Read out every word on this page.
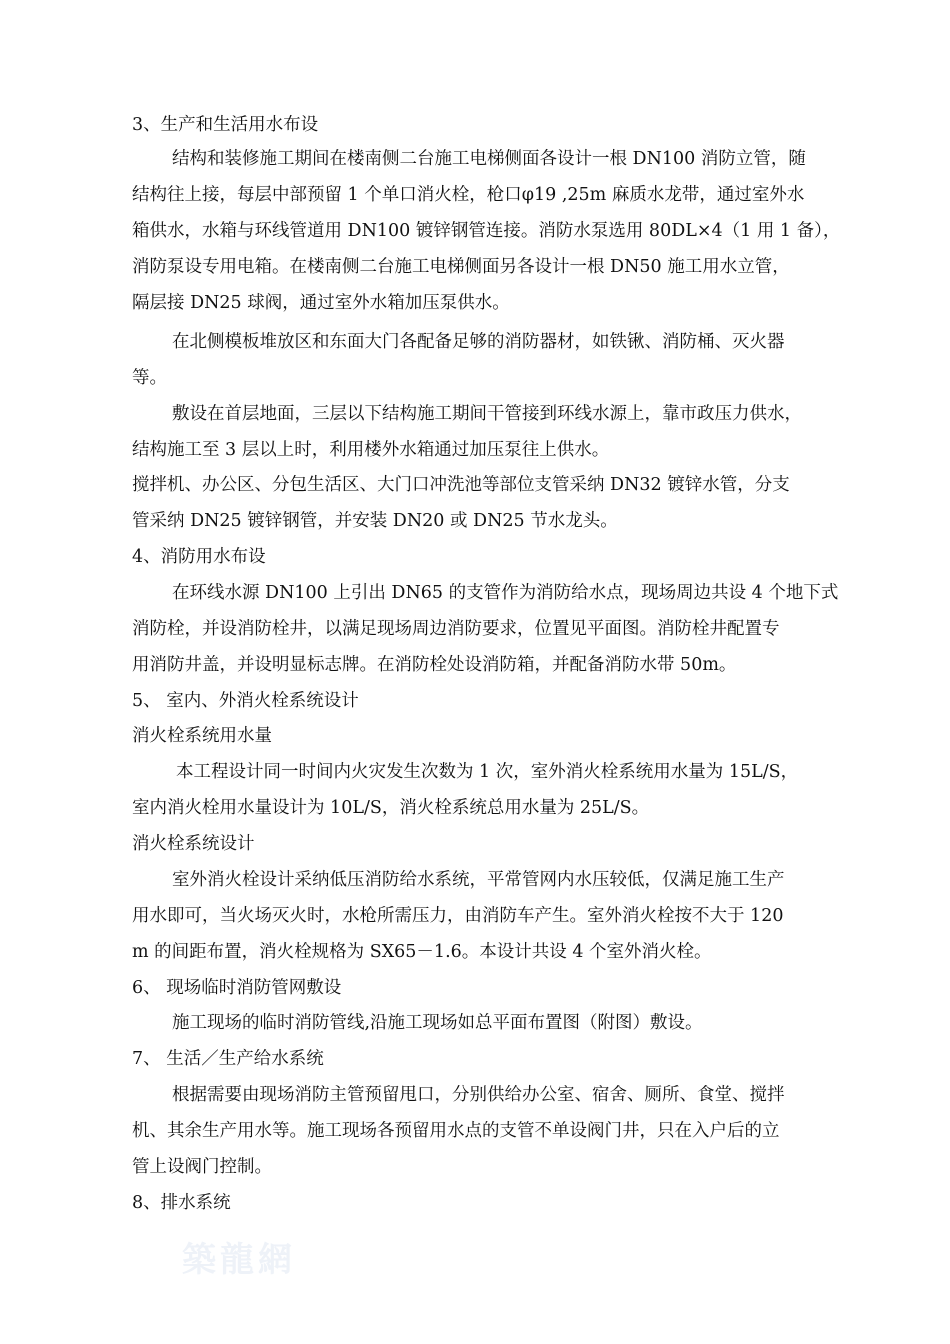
3、生产和生活用水布设
结构和装修施工期间在楼南侧二台施工电梯侧面各设计一根 DN100 消防立管，随
结构往上接，每层中部预留 1 个单口消火栓，枪口φ19 ,25m 麻质水龙带，通过室外水
箱供水，水箱与环线管道用 DN100 镀锌钢管连接。消防水泵选用 80DL×4（1 用 1 备），
消防泵设专用电箱。在楼南侧二台施工电梯侧面另各设计一根 DN50 施工用水立管，
隔层接 DN25 球阀，通过室外水箱加压泵供水。
在北侧模板堆放区和东面大门各配备足够的消防器材，如铁锹、消防桶、灭火器
等。
敷设在首层地面，三层以下结构施工期间干管接到环线水源上，靠市政压力供水，
结构施工至 3 层以上时，利用楼外水箱通过加压泵往上供水。
搅拌机、办公区、分包生活区、大门口冲洗池等部位支管采纳 DN32 镀锌水管，分支
管采纳 DN25 镀锌钢管，并安装 DN20 或 DN25 节水龙头。
4、消防用水布设
在环线水源 DN100 上引出 DN65 的支管作为消防给水点，现场周边共设 4 个地下式
消防栓，并设消防栓井，以满足现场周边消防要求，位置见平面图。消防栓井配置专
用消防井盖，并设明显标志牌。在消防栓处设消防箱，并配备消防水带 50m。
5、 室内、外消火栓系统设计
消火栓系统用水量
本工程设计同一时间内火灾发生次数为 1 次，室外消火栓系统用水量为 15L/S，
室内消火栓用水量设计为 10L/S，消火栓系统总用水量为 25L/S。
消火栓系统设计
室外消火栓设计采纳低压消防给水系统，平常管网内水压较低，仅满足施工生产
用水即可，当火场灭火时，水枪所需压力，由消防车产生。室外消火栓按不大于 120
m 的间距布置，消火栓规格为 SX65－1.6。本设计共设 4 个室外消火栓。
6、 现场临时消防管网敷设
施工现场的临时消防管线,沿施工现场如总平面布置图（附图）敷设。
7、 生活／生产给水系统
根据需要由现场消防主管预留甩口，分别供给办公室、宿舍、厕所、食堂、搅拌
机、其余生产用水等。施工现场各预留用水点的支管不单设阀门井，只在入户后的立
管上设阀门控制。
8、排水系统
築龍網
